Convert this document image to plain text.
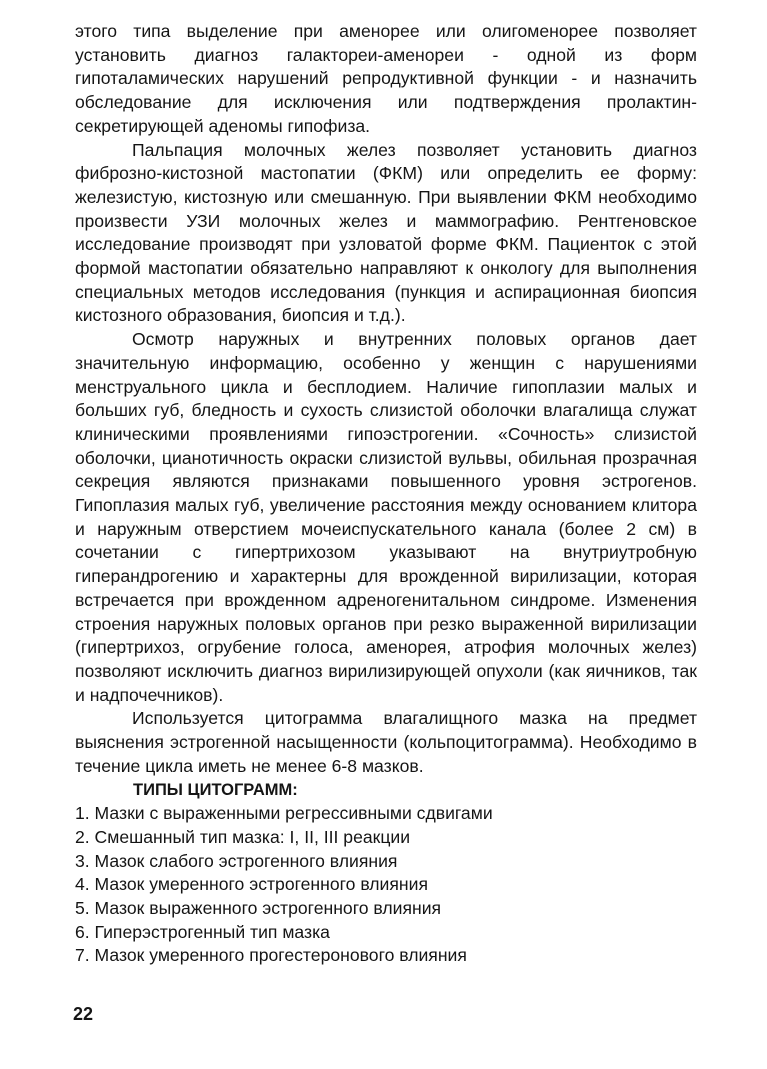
этого типа выделение при аменорее или олигоменорее позволяет установить диагноз галактореи-аменореи - одной из форм гипоталамических нарушений репродуктивной функции - и назначить обследование для исключения или подтверждения пролактин-секретирующей аденомы гипофиза.

Пальпация молочных желез позволяет установить диагноз фиброзно-кистозной мастопатии (ФКМ) или определить ее форму: железистую, кистозную или смешанную. При выявлении ФКМ необходимо произвести УЗИ молочных желез и маммографию. Рентгеновское исследование производят при узловатой форме ФКМ. Пациенток с этой формой мастопатии обязательно направляют к онкологу для выполнения специальных методов исследования (пункция и аспирационная биопсия кистозного образования, биопсия и т.д.).

Осмотр наружных и внутренних половых органов дает значительную информацию, особенно у женщин с нарушениями менструального цикла и бесплодием. Наличие гипоплазии малых и больших губ, бледность и сухость слизистой оболочки влагалища служат клиническими проявлениями гипоэстрогении. «Сочность» слизистой оболочки, цианотичность окраски слизистой вульвы, обильная прозрачная секреция являются признаками повышенного уровня эстрогенов. Гипоплазия малых губ, увеличение расстояния между основанием клитора и наружным отверстием мочеиспускательного канала (более 2 см) в сочетании с гипертрихозом указывают на внутриутробную гиперандрогению и характерны для врожденной вирилизации, которая встречается при врожденном адреногенитальном синдроме. Изменения строения наружных половых органов при резко выраженной вирилизации (гипертрихоз, огрубение голоса, аменорея, атрофия молочных желез) позволяют исключить диагноз вирилизирующей опухоли (как яичников, так и надпочечников).

Используется цитограмма влагалищного мазка на предмет выяснения эстрогенной насыщенности (кольпоцитограмма). Необходимо в течение цикла иметь не менее 6-8 мазков.

ТИПЫ ЦИТОГРАММ:

1. Мазки с выраженными регрессивными сдвигами
2. Смешанный тип мазка: I, II, III реакции
3. Мазок слабого эстрогенного влияния
4. Мазок умеренного эстрогенного влияния
5. Мазок выраженного эстрогенного влияния
6. Гиперэстрогенный тип мазка
7. Мазок умеренного прогестеронового влияния
22
